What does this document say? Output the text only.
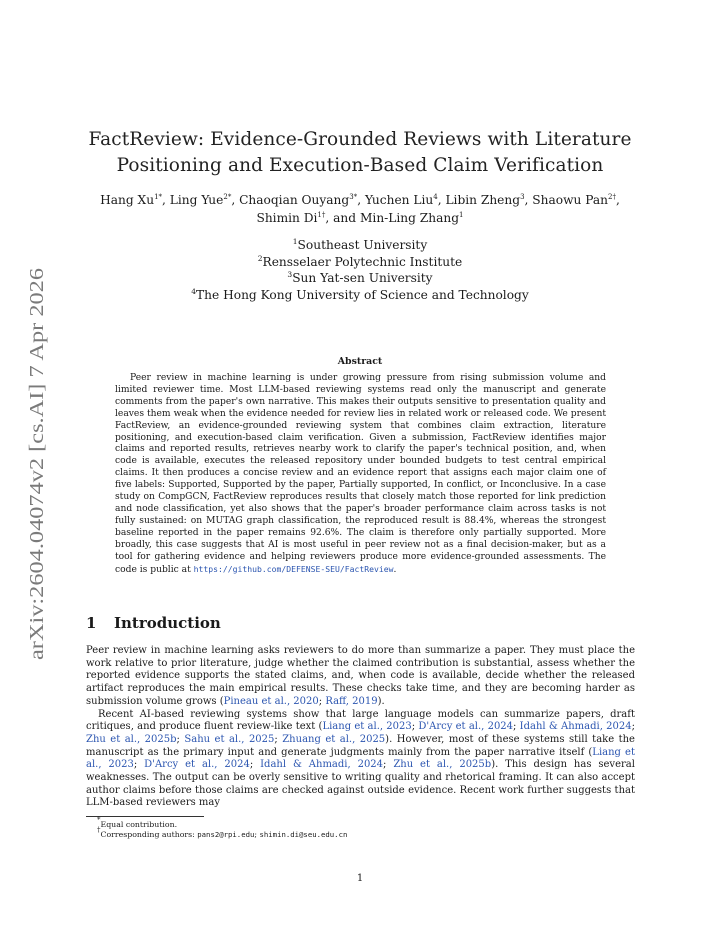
arXiv:2604.04074v2 [cs.AI] 7 Apr 2026
FactReview: Evidence-Grounded Reviews with Literature
Positioning and Execution-Based Claim Verification
Hang $Xu^{1*}$, Ling Yue$^{2*}$, Chaoqian Ouyang$^{3*}$, Yuchen Liu$^4$, Libin Zheng$^3$, Shaowu Pan$^{2\dagger}$,
Shimin $Di^{1\dagger}$, and Min-Ling Zhang$^1$
$^1$Southeast University
$^2$Rensselaer Polytechnic Institute
$^3$Sun Yat-sen University
$^4$The Hong Kong University of Science and Technology
Abstract

Peer review in machine learning is under growing pressure from rising submission volume and limited reviewer time. Most LLM-based reviewing systems read only the manuscript and generate comments from the paper's own narrative. This makes their outputs sensitive to presentation quality and leaves them weak when the evidence needed for review lies in related work or released code. We present FactReview, an evidence-grounded reviewing system that combines claim extraction, literature positioning, and execution-based claim verification. Given a submission, FactReview identifies major claims and reported results, retrieves nearby work to clarify the paper's technical position, and, when code is available, executes the released repository under bounded budgets to test central empirical claims. It then produces a concise review and an evidence report that assigns each major claim one of five labels: Supported, Supported by the paper, Partially supported, In conflict, or Inconclusive. In a case study on CompGCN, FactReview reproduces results that closely match those reported for link prediction and node classification, yet also shows that the paper's broader performance claim across tasks is not fully sustained: on MUTAG graph classification, the reproduced result is 88.4%, whereas the strongest baseline reported in the paper remains 92.6%. The claim is therefore only partially supported. More broadly, this case suggests that AI is most useful in peer review not as a final decision-maker, but as a tool for gathering evidence and helping reviewers produce more evidence-grounded assessments. The code is public at https://github.com/DEFENSE-SEU/FactReview.

1 Introduction

Peer review in machine learning asks reviewers to do more than summarize a paper. They must place the work relative to prior literature, judge whether the claimed contribution is substantial, assess whether the reported evidence supports the stated claims, and, when code is available, decide whether the released artifact reproduces the main empirical results. These checks take time, and they are becoming harder as submission volume grows (Pineau et al., 2020; Raff, 2019).

Recent AI-based reviewing systems show that large language models can summarize papers, draft critiques, and produce fluent review-like text (Liang et al., 2023; D'Arcy et al., 2024; Idahl & Ahmadi, 2024; Zhu et al., 2025b; Sahu et al., 2025; Zhuang et al., 2025). However, most of these systems still take the manuscript as the primary input and generate judgments mainly from the paper narrative itself (Liang et al., 2023; D'Arcy et al., 2024; Idahl & Ahmadi, 2024; Zhu et al., 2025b). This design has several weaknesses. The output can be overly sensitive to writing quality and rhetorical framing. It can also accept author claims before those claims are checked against outside evidence. Recent work further suggests that LLM-based reviewers may

*Equal contribution.
†Corresponding authors: pans2@rpi.edu; shimin.di@seu.edu.cn
1
